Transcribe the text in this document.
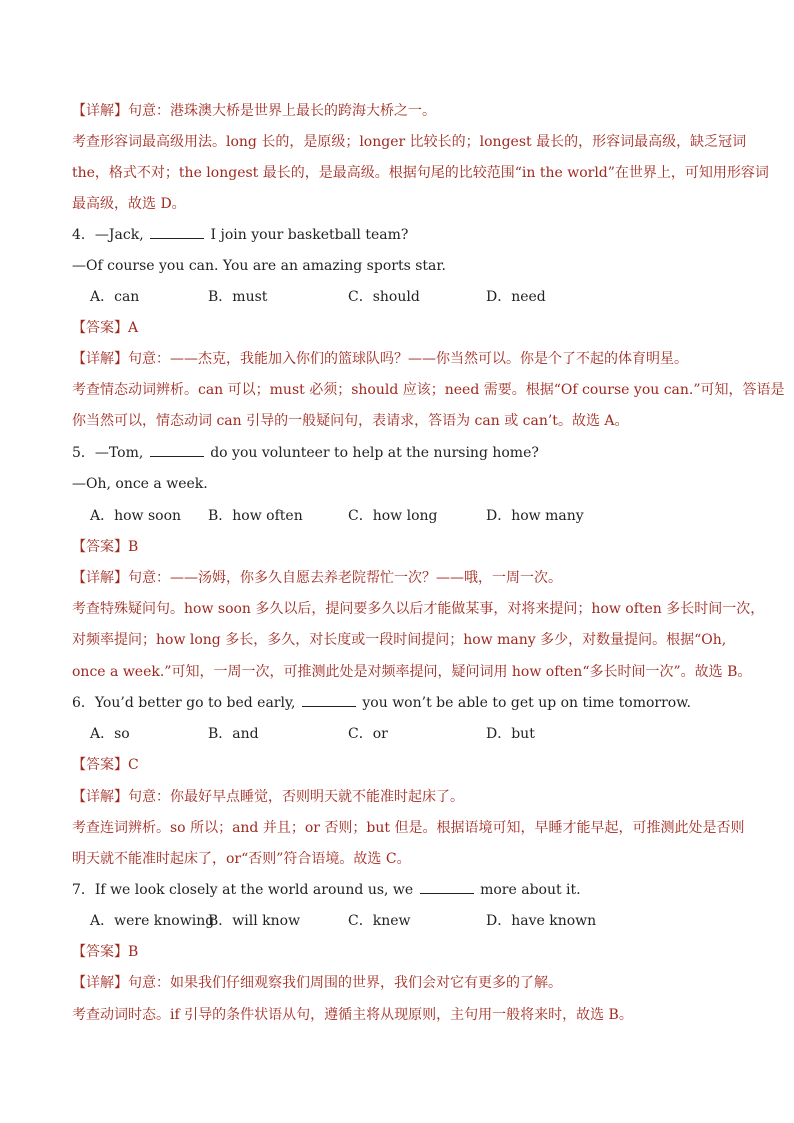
【详解】句意：港珠澳大桥是世界上最长的跨海大桥之一。
考查形容词最高级用法。long 长的，是原级；longer 比较长的；longest 最长的，形容词最高级，缺乏冠词
the，格式不对；the longest 最长的，是最高级。根据句尾的比较范围“in the world”在世界上，可知用形容词
最高级，故选 D。
4．—Jack,	I join your basketball team?
—Of course you can. You are an amazing sports star.
A．can	B．must	C．should	D．need
【答案】A
【详解】句意：——杰克，我能加入你们的篮球队吗？——你当然可以。你是个了不起的体育明星。
考查情态动词辨析。can 可以；must 必须；should 应该；need 需要。根据“Of course you can.”可知，答语是
你当然可以，情态动词 can 引导的一般疑问句，表请求，答语为 can 或 can’t。故选 A。
5．—Tom,	do you volunteer to help at the nursing home?
—Oh, once a week.
A．how soon B．how often	C．how long	D．how many
【答案】B
【详解】句意：——汤姆，你多久自愿去养老院帮忙一次？——哦，一周一次。
考查特殊疑问句。how soon 多久以后，提问要多久以后才能做某事，对将来提问；how often 多长时间一次，
对频率提问；how long 多长，多久，对长度或一段时间提问；how many 多少，对数量提问。根据“Oh,
once a week.”可知，一周一次，可推测此处是对频率提问，疑问词用 how often“多长时间一次”。故选 B。
6．You’d better go to bed early,	you won’t be able to get up on time tomorrow.
A．so	B．and	C．or	D．but
【答案】C
【详解】句意：你最好早点睡觉，否则明天就不能准时起床了。
考查连词辨析。so 所以；and 并且；or 否则；but 但是。根据语境可知，早睡才能早起，可推测此处是否则
明天就不能准时起床了，or“否则”符合语境。故选 C。
7．If we look closely at the world around us, we	more about it.
A．were knowing
B．will know	C．knew	D．have known
【答案】B
【详解】句意：如果我们仔细观察我们周围的世界，我们会对它有更多的了解。
考查动词时态。if 引导的条件状语从句，遵循主将从现原则，主句用一般将来时，故选 B。
